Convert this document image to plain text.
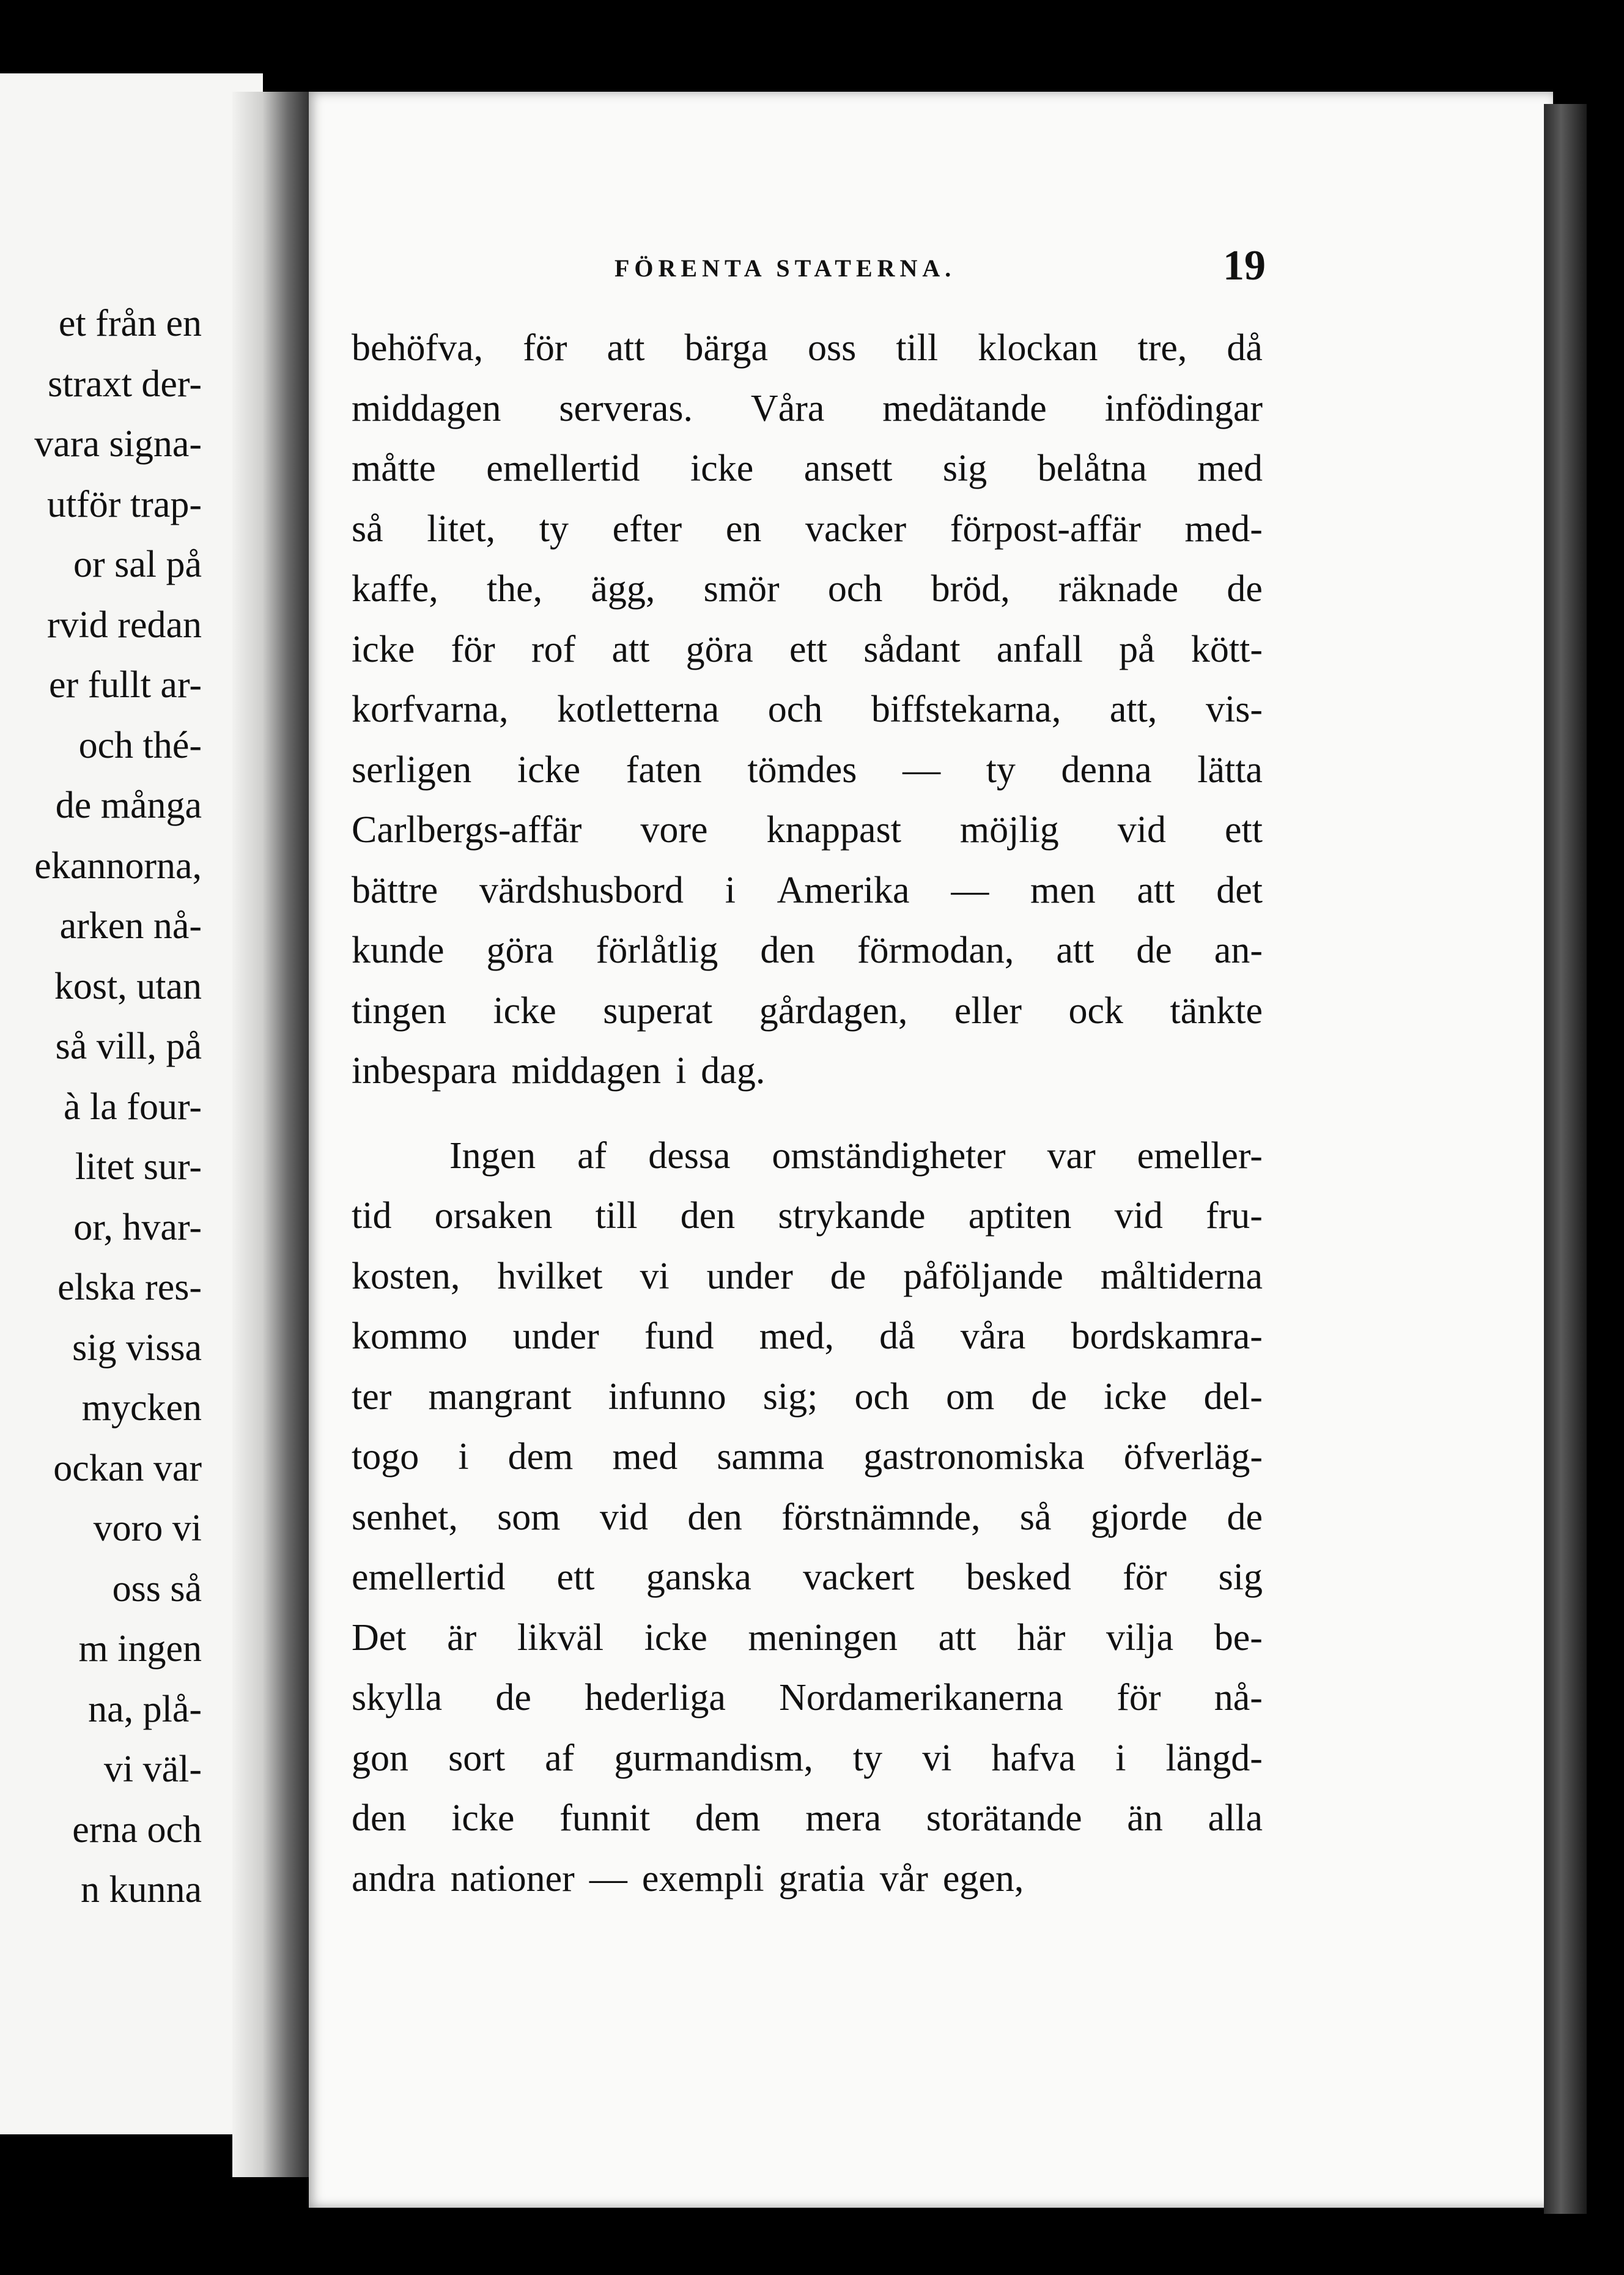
et från en
straxt der-
vara signa-
utför trap-
or sal på
rvid redan
er fullt ar-
och thé-
de många
ekannorna,
arken nå-
kost, utan
så vill, på
à la four-
litet sur-
or, hvar-
elska res-
sig vissa
mycken
ockan var
voro vi
oss så
m ingen
na, plå-
vi väl-
erna och
n kunna
FÖRENTA STATERNA.	19
behöfva, för att bärga oss till klockan tre, då
middagen serveras. Våra medätande infödingar
måtte emellertid icke ansett sig belåtna med
så litet, ty efter en vacker förpost-affär med-
kaffe, the, ägg, smör och bröd, räknade de
icke för rof att göra ett sådant anfall på kött-
korfvarna, kotletterna och biffstekarna, att, vis-
serligen icke faten tömdes — ty denna lätta
Carlbergs-affär vore knappast möjlig vid ett
bättre värdshusbord i Amerika — men att det
kunde göra förlåtlig den förmodan, att de an-
tingen icke superat gårdagen, eller ock tänkte
inbespara middagen i dag.
Ingen af dessa omständigheter var emeller-
tid orsaken till den strykande aptiten vid fru-
kosten, hvilket vi under de påföljande måltiderna
kommo under fund med, då våra bordskamra-
ter mangrant infunno sig; och om de icke del-
togo i dem med samma gastronomiska öfverläg-
senhet, som vid den förstnämnde, så gjorde de
emellertid ett ganska vackert besked för sig
Det är likväl icke meningen att här vilja be-
skylla de hederliga Nordamerikanerna för nå-
gon sort af gurmandism, ty vi hafva i längd-
den icke funnit dem mera storätande än alla
andra nationer — exempli gratia vår egen,
